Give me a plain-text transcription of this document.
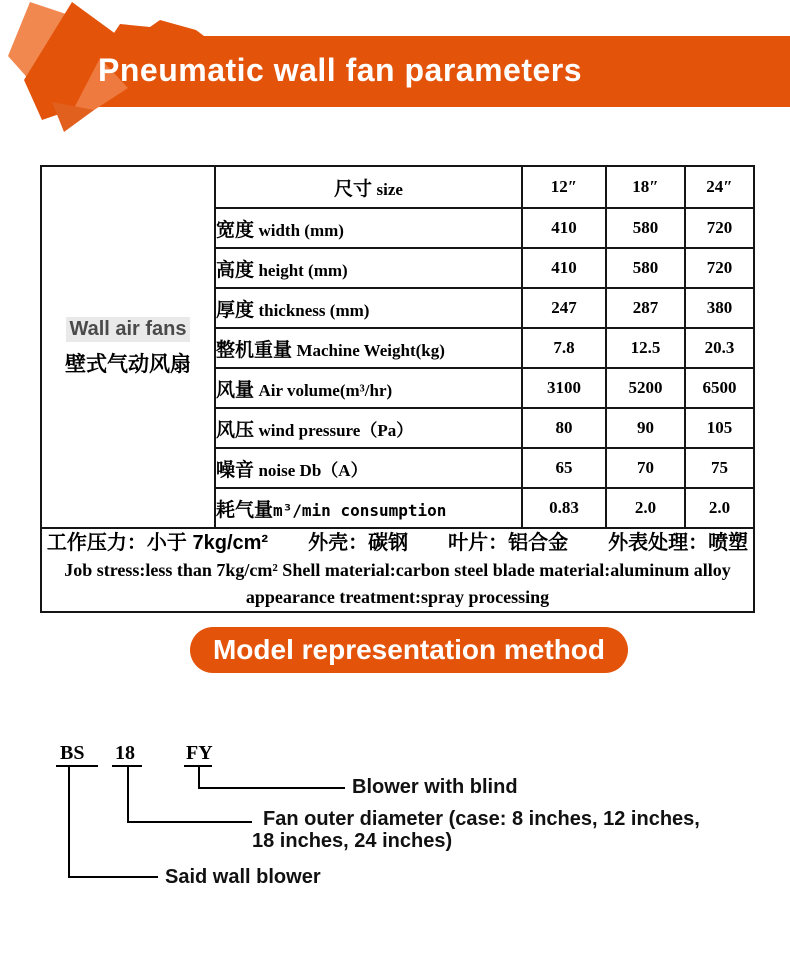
Pneumatic wall fan parameters
Wall air fans
壁式气动风扇	尺寸 size	12″	18″	24″
	宽度 width (mm)	410	580	720
	高度 height (mm)	410	580	720
	厚度 thickness (mm)	247	287	380
	整机重量 Machine Weight(kg)	7.8	12.5	20.3
	风量 Air volume(m³/hr)	3100	5200	6500
	风压 wind pressure（Pa）	80	90	105
	噪音 noise Db（A）	65	70	75
	耗气量m³/min consumption	0.83	2.0	2.0

工作压力：小于 7kg/cm²　　外壳：碳钢　　叶片：铝合金　　外表处理：喷塑
Job stress:less than 7kg/cm² Shell material:carbon steel blade material:aluminum alloy
appearance treatment:spray processing				
Model representation method
BS 18	FY
Blower with blind
Fan outer diameter (case: 8 inches, 12 inches,
18 inches, 24 inches)
Said wall blower
